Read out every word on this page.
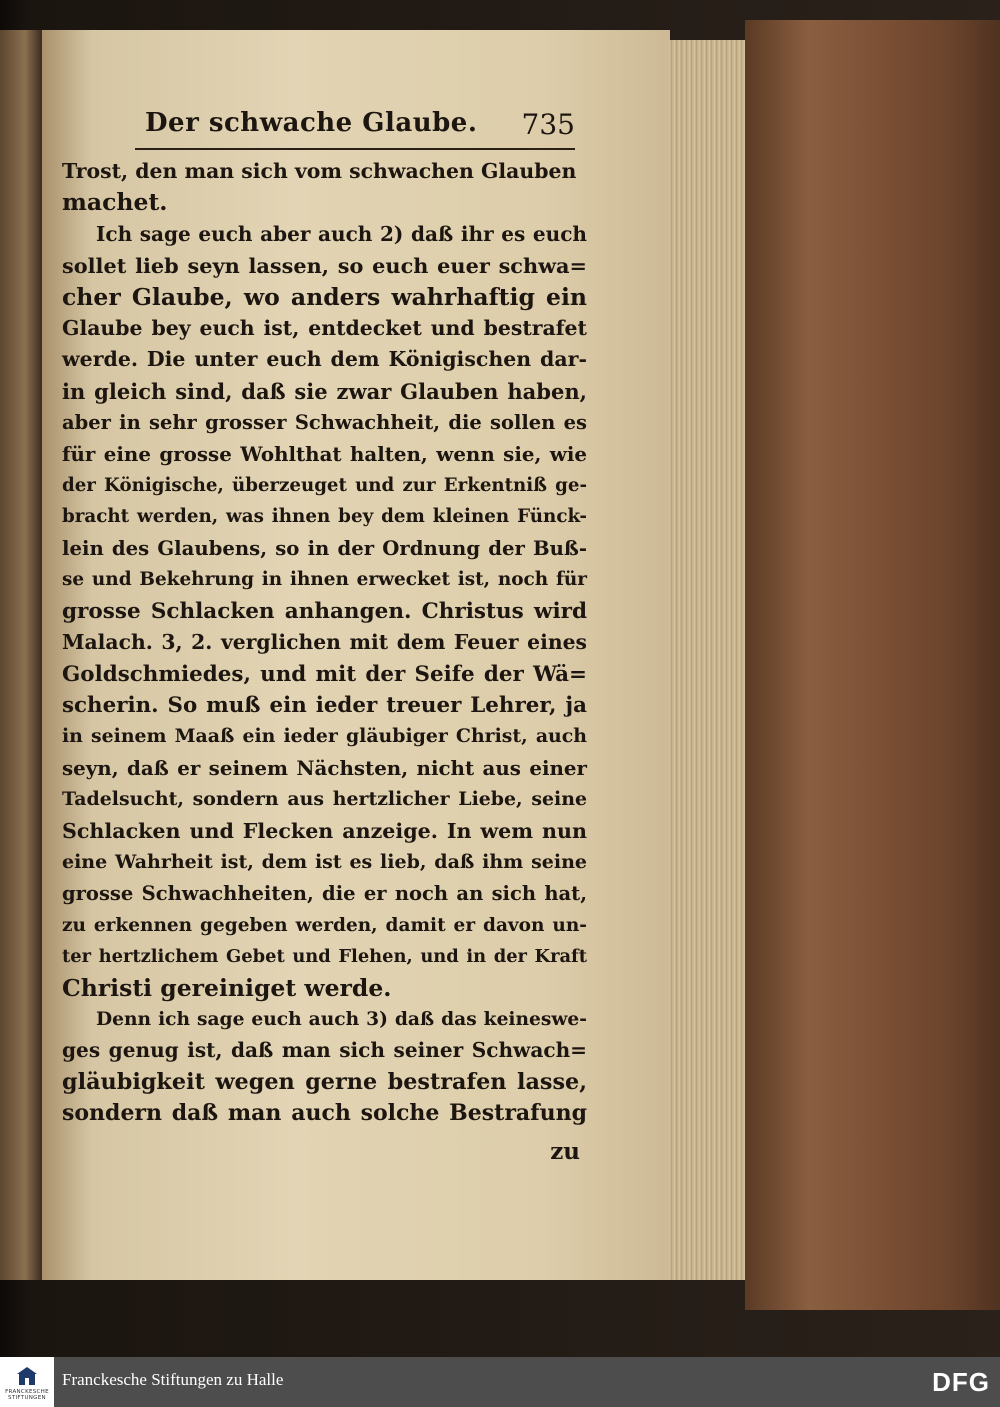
Der schwache Glaube. 735
Trost, den man sich vom schwachen Glauben
machet.
Ich sage euch aber auch 2) daß ihr es euch
sollet lieb seyn lassen, so euch euer schwa=
cher Glaube, wo anders wahrhaftig ein
Glaube bey euch ist, entdecket und bestrafet
werde. Die unter euch dem Königischen dar-
in gleich sind, daß sie zwar Glauben haben,
aber in sehr grosser Schwachheit, die sollen es
für eine grosse Wohlthat halten, wenn sie, wie
der Königische, überzeuget und zur Erkentniß ge-
bracht werden, was ihnen bey dem kleinen Fünck-
lein des Glaubens, so in der Ordnung der Buß-
se und Bekehrung in ihnen erwecket ist, noch für
grosse Schlacken anhangen. Christus wird
Malach. 3, 2. verglichen mit dem Feuer eines
Goldschmiedes, und mit der Seife der Wä=
scherin. So muß ein ieder treuer Lehrer, ja
in seinem Maaß ein ieder gläubiger Christ, auch
seyn, daß er seinem Nächsten, nicht aus einer
Tadelsucht, sondern aus hertzlicher Liebe, seine
Schlacken und Flecken anzeige. In wem nun
eine Wahrheit ist, dem ist es lieb, daß ihm seine
grosse Schwachheiten, die er noch an sich hat,
zu erkennen gegeben werden, damit er davon un-
ter hertzlichem Gebet und Flehen, und in der Kraft
Christi gereiniget werde.
Denn ich sage euch auch 3) daß das keineswe-
ges genug ist, daß man sich seiner Schwach=
gläubigkeit wegen gerne bestrafen lasse,
sondern daß man auch solche Bestrafung
zu
FRANCKESCHE STIFTUNGEN
Franckesche Stiftungen zu Halle	DFG
